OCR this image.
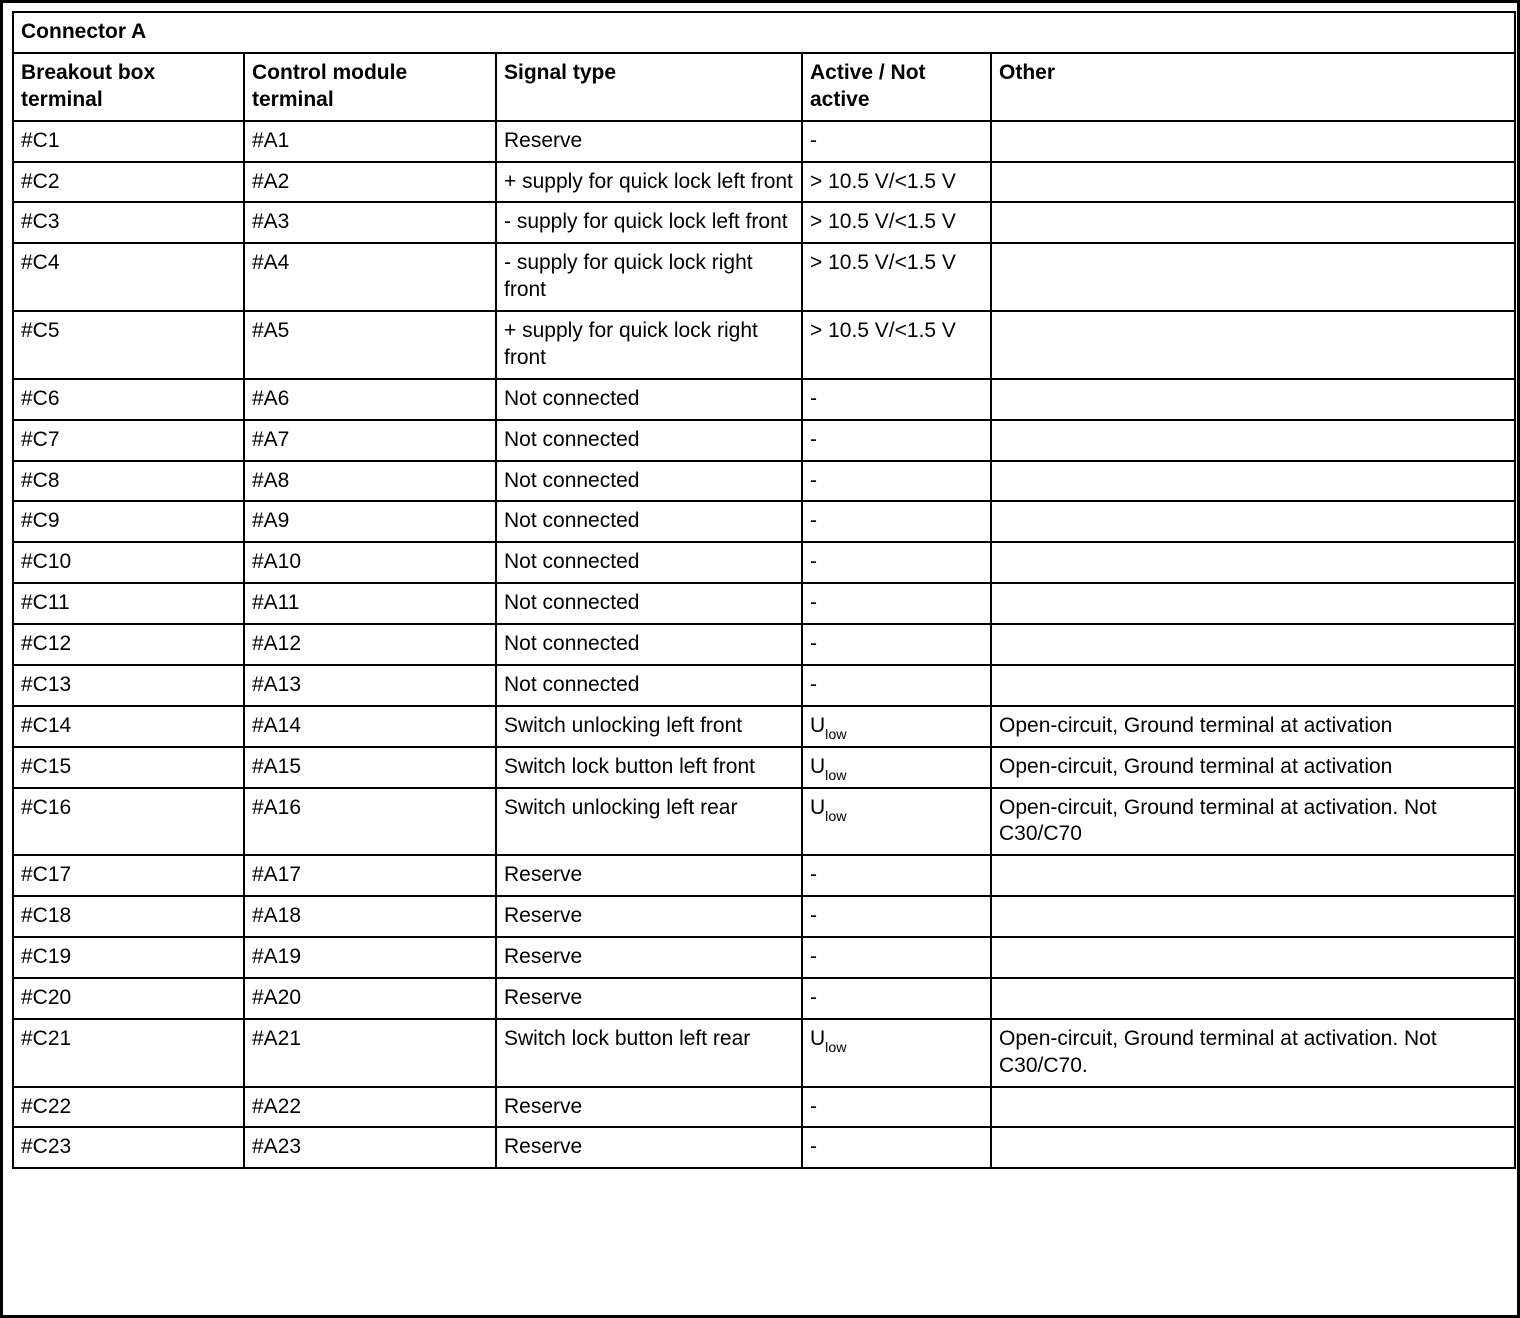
Connector A				
Breakout box terminal	Control module terminal	Signal type	Active / Not active	Other
#C1	#A1	Reserve	-	
#C2	#A2	+ supply for quick lock left front	> 10.5 V/<1.5 V	
#C3	#A3	- supply for quick lock left front	> 10.5 V/<1.5 V	
#C4	#A4	- supply for quick lock right front	> 10.5 V/<1.5 V	
#C5	#A5	+ supply for quick lock right front	> 10.5 V/<1.5 V	
#C6	#A6	Not connected	-	
#C7	#A7	Not connected	-	
#C8	#A8	Not connected	-	
#C9	#A9	Not connected	-	
#C10	#A10	Not connected	-	
#C11	#A11	Not connected	-	
#C12	#A12	Not connected	-	
#C13	#A13	Not connected	-	
#C14	#A14	Switch unlocking left front	$U_{low}$	Open-circuit, Ground terminal at activation
#C15	#A15	Switch lock button left front	$U_{low}$	Open-circuit, Ground terminal at activation
#C16	#A16	Switch unlocking left rear	$U_{low}$	Open-circuit, Ground terminal at activation. Not C30/C70
#C17	#A17	Reserve	-	
#C18	#A18	Reserve	-	
#C19	#A19	Reserve	-	
#C20	#A20	Reserve	-	
#C21	#A21	Switch lock button left rear	$U_{low}$	Open-circuit, Ground terminal at activation. Not C30/C70.
#C22	#A22	Reserve	-	
#C23	#A23	Reserve	-	
